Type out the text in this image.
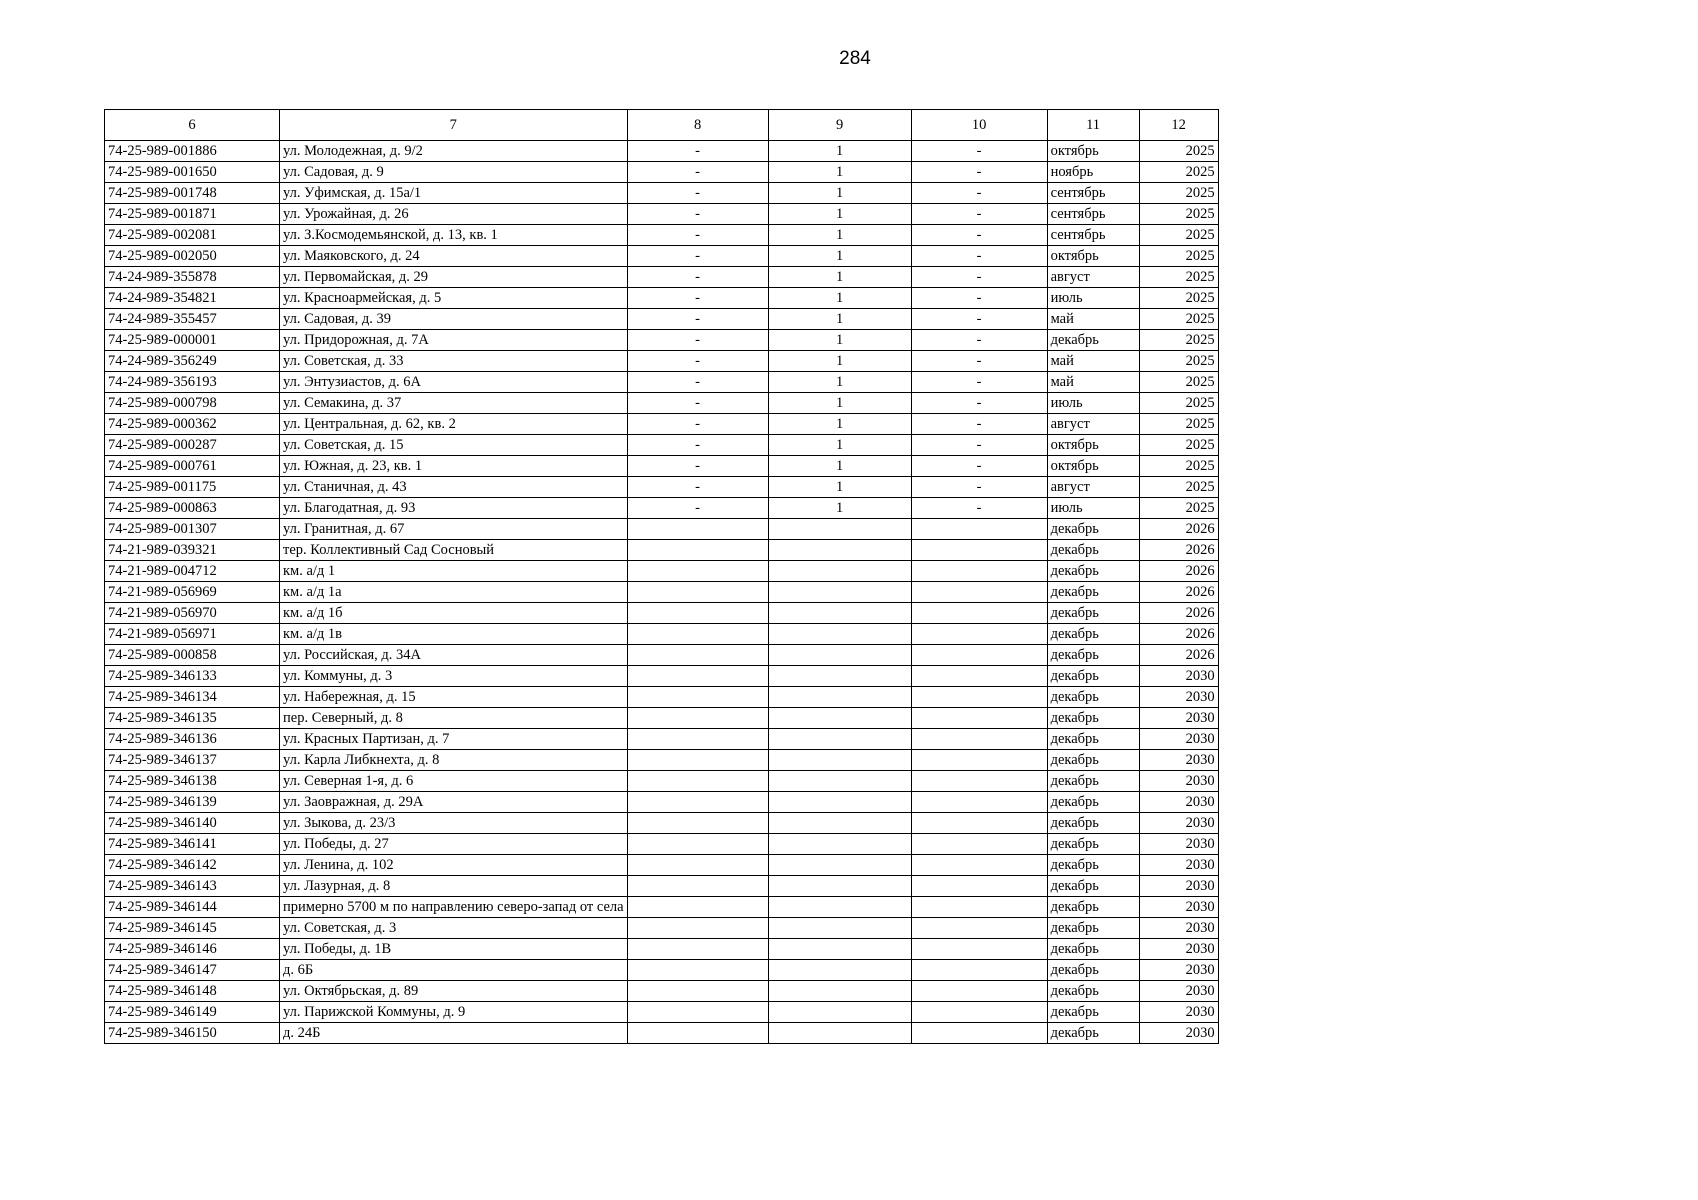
284
6	7	8	9	10	11	12
74-25-989-001886	ул. Молодежная, д. 9/2	-	1	-	октябрь	2025
74-25-989-001650	ул. Садовая, д. 9	-	1	-	ноябрь	2025
74-25-989-001748	ул. Уфимская, д. 15а/1	-	1	-	сентябрь	2025
74-25-989-001871	ул. Урожайная, д. 26	-	1	-	сентябрь	2025
74-25-989-002081	ул. З.Космодемьянской, д. 13, кв. 1	-	1	-	сентябрь	2025
74-25-989-002050	ул. Маяковского, д. 24	-	1	-	октябрь	2025
74-24-989-355878	ул. Первомайская, д. 29	-	1	-	август	2025
74-24-989-354821	ул. Красноармейская, д. 5	-	1	-	июль	2025
74-24-989-355457	ул. Садовая, д. 39	-	1	-	май	2025
74-25-989-000001	ул. Придорожная, д. 7А	-	1	-	декабрь	2025
74-24-989-356249	ул. Советская, д. 33	-	1	-	май	2025
74-24-989-356193	ул. Энтузиастов, д. 6А	-	1	-	май	2025
74-25-989-000798	ул. Семакина, д. 37	-	1	-	июль	2025
74-25-989-000362	ул. Центральная, д. 62, кв. 2	-	1	-	август	2025
74-25-989-000287	ул. Советская, д. 15	-	1	-	октябрь	2025
74-25-989-000761	ул. Южная, д. 23, кв. 1	-	1	-	октябрь	2025
74-25-989-001175	ул. Станичная, д. 43	-	1	-	август	2025
74-25-989-000863	ул. Благодатная, д. 93	-	1	-	июль	2025
74-25-989-001307	ул. Гранитная, д. 67				декабрь	2026
74-21-989-039321	тер. Коллективный Сад Сосновый				декабрь	2026
74-21-989-004712	км. а/д 1				декабрь	2026
74-21-989-056969	км. а/д 1а				декабрь	2026
74-21-989-056970	км. а/д 1б				декабрь	2026
74-21-989-056971	км. а/д 1в				декабрь	2026
74-25-989-000858	ул. Российская, д. 34А				декабрь	2026
74-25-989-346133	ул. Коммуны, д. 3				декабрь	2030
74-25-989-346134	ул. Набережная, д. 15				декабрь	2030
74-25-989-346135	пер. Северный, д. 8				декабрь	2030
74-25-989-346136	ул. Красных Партизан, д. 7				декабрь	2030
74-25-989-346137	ул. Карла Либкнехта, д. 8				декабрь	2030
74-25-989-346138	ул. Северная 1-я, д. 6				декабрь	2030
74-25-989-346139	ул. Заовражная, д. 29А				декабрь	2030
74-25-989-346140	ул. Зыкова, д. 23/3				декабрь	2030
74-25-989-346141	ул. Победы, д. 27				декабрь	2030
74-25-989-346142	ул. Ленина, д. 102				декабрь	2030
74-25-989-346143	ул. Лазурная, д. 8				декабрь	2030
74-25-989-346144	примерно 5700 м по направлению северо-запад от села				декабрь	2030
74-25-989-346145	ул. Советская, д. 3				декабрь	2030
74-25-989-346146	ул. Победы, д. 1В				декабрь	2030
74-25-989-346147	д. 6Б				декабрь	2030
74-25-989-346148	ул. Октябрьская, д. 89				декабрь	2030
74-25-989-346149	ул. Парижской Коммуны, д. 9				декабрь	2030
74-25-989-346150	д. 24Б				декабрь	2030
